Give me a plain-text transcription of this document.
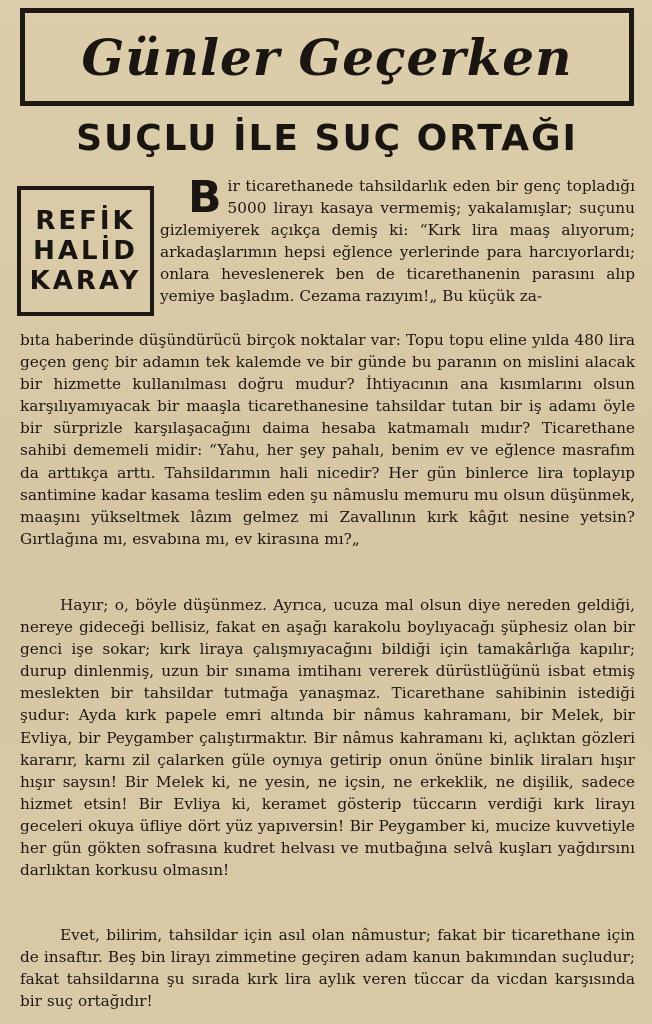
Günler Geçerken
SUÇLU İLE SUÇ ORTAĞI
REFİK
HALİD
KARAY

Bir ticarethanede tahsildarlık eden bir genç topladığı 5000 lirayı kasaya vermemiş; yakalamışlar; suçunu gizlemiyerek açıkça demiş ki: “Kırk lira maaş alıyorum; arkadaşlarımın hepsi eğlence yerlerinde para harcıyorlardı; onlara heveslenerek ben de ticarethanenin parasını alıp yemiye başladım. Cezama razıyım!„ Bu küçük za-

bıta haberinde düşündürücü birçok noktalar var: Topu topu eline yılda 480 lira geçen genç bir adamın tek kalemde ve bir günde bu paranın on mislini alacak bir hizmette kullanılması doğru mudur? İhtiyacının ana kısımlarını olsun karşılıyamıyacak bir maaşla ticarethanesine tahsildar tutan bir iş adamı öyle bir sürprizle karşılaşacağını daima hesaba katmamalı mıdır? Ticarethane sahibi dememeli midir: “Yahu, her şey pahalı, benim ev ve eğlence masrafım da arttıkça arttı. Tahsildarımın hali nicedir? Her gün binlerce lira toplayıp santimine kadar kasama teslim eden şu nâmuslu memuru mu olsun düşünmek, maaşını yükseltmek lâzım gelmez mi Zavallının kırk kâğıt nesine yetsin? Gırtlağına mı, esvabına mı, ev kirasına mı?„

Hayır; o, böyle düşünmez. Ayrıca, ucuza mal olsun diye nereden geldiği, nereye gideceği bellisiz, fakat en aşağı karakolu boylıyacağı şüphesiz olan bir genci işe sokar; kırk liraya çalışmıyacağını bildiği için tamakârlığa kapılır; durup dinlenmiş, uzun bir sınama imtihanı vererek dürüstlüğünü isbat etmiş meslekten bir tahsildar tutmağa yanaşmaz. Ticarethane sahibinin istediği şudur: Ayda kırk papele emri altında bir nâmus kahramanı, bir Melek, bir Evliya, bir Peygamber çalıştırmaktır. Bir nâmus kahramanı ki, açlıktan gözleri kararır, karnı zil çalarken güle oynıya getirip onun önüne binlik liraları hışır hışır saysın! Bir Melek ki, ne yesin, ne içsin, ne erkeklik, ne dişilik, sadece hizmet etsin! Bir Evliya ki, keramet gösterip tüccarın verdiği kırk lirayı geceleri okuya üfliye dört yüz yapıversin! Bir Peygamber ki, mucize kuvvetiyle her gün gökten sofrasına kudret helvası ve mutbağına selvâ kuşları yağdırsını darlıktan korkusu olmasın!

Evet, bilirim, tahsildar için asıl olan nâmustur; fakat bir ticarethane için de insaftır. Beş bin lirayı zimmetine geçiren adam kanun bakımından suçludur; fakat tahsildarına şu sırada kırk lira aylık veren tüccar da vicdan karşısında bir suç ortağıdır!
